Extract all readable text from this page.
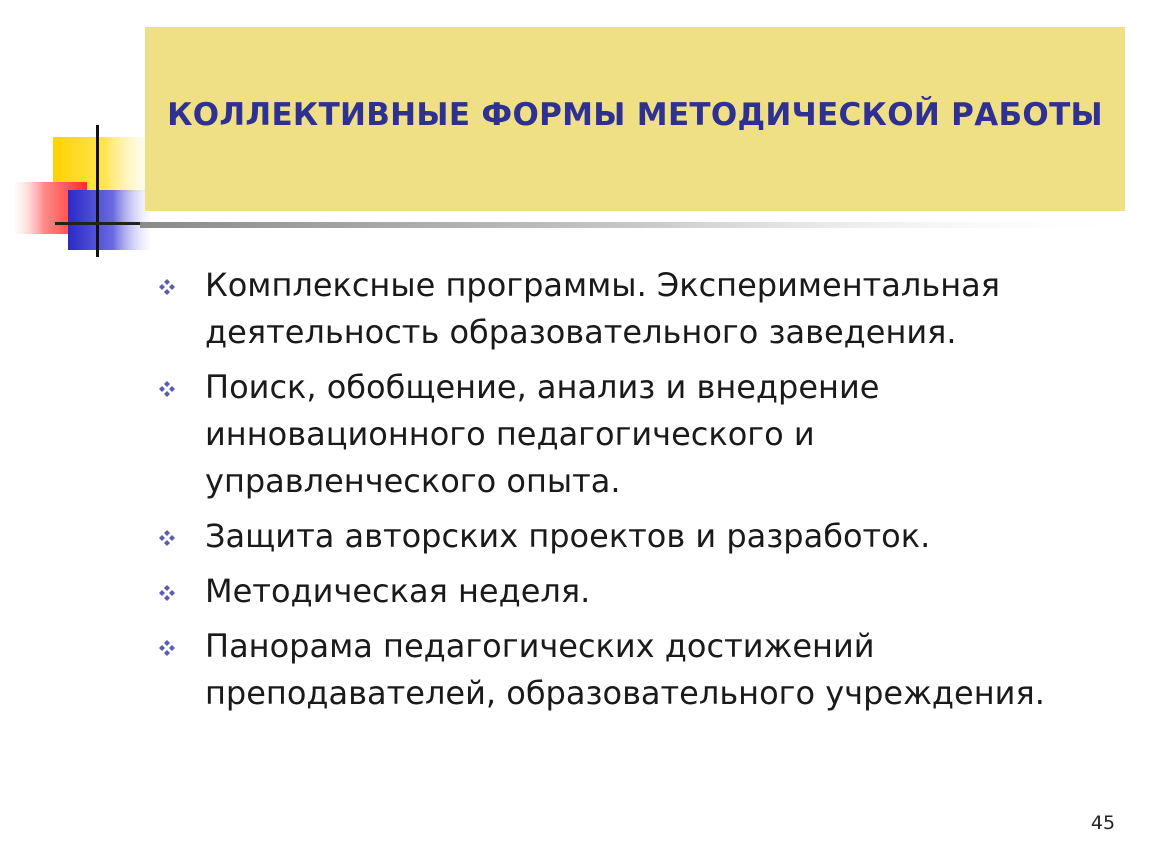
КОЛЛЕКТИВНЫЕ ФОРМЫ МЕТОДИЧЕСКОЙ РАБОТЫ
Комплексные программы. Экспериментальная деятельность образовательного заведения.
Поиск, обобщение, анализ и внедрение инновационного педагогического и управленческого опыта.
Защита авторских проектов и разработок.
Методическая неделя.
Панорама педагогических достижений преподавателей, образовательного учреждения.
45
